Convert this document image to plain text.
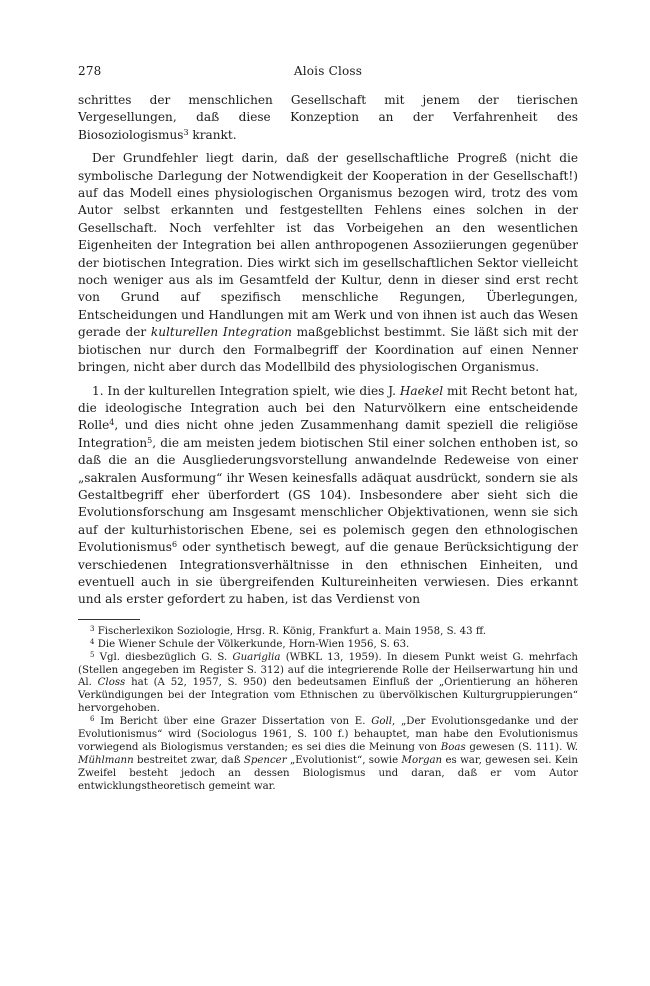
278	Alois Closs

schrittes der menschlichen Gesellschaft mit jenem der tierischen Vergesellungen, daß diese Konzeption an der Verfahrenheit des Biosoziologismus$^3$ krankt.

Der Grundfehler liegt darin, daß der gesellschaftliche Progreß (nicht die symbolische Darlegung der Notwendigkeit der Kooperation in der Gesellschaft!) auf das Modell eines physiologischen Organismus bezogen wird, trotz des vom Autor selbst erkannten und festgestellten Fehlens eines solchen in der Gesellschaft. Noch verfehlter ist das Vorbeigehen an den wesentlichen Eigenheiten der Integration bei allen anthropogenen Assoziierungen gegenüber der biotischen Integration. Dies wirkt sich im gesellschaftlichen Sektor vielleicht noch weniger aus als im Gesamtfeld der Kultur, denn in dieser sind erst recht von Grund auf spezifisch menschliche Regungen, Überlegungen, Entscheidungen und Handlungen mit am Werk und von ihnen ist auch das Wesen gerade der kulturellen Integration maßgeblichst bestimmt. Sie läßt sich mit der biotischen nur durch den Formalbegriff der Koordination auf einen Nenner bringen, nicht aber durch das Modellbild des physiologischen Organismus.

1. In der kulturellen Integration spielt, wie dies J. Haekel mit Recht betont hat, die ideologische Integration auch bei den Naturvölkern eine entscheidende Rolle$^4$, und dies nicht ohne jeden Zusammenhang damit speziell die religiöse Integration$^5$, die am meisten jedem biotischen Stil einer solchen enthoben ist, so daß die an die Ausgliederungsvorstellung anwandelnde Redeweise von einer „sakralen Ausformung“ ihr Wesen keinesfalls adäquat ausdrückt, sondern sie als Gestaltbegriff eher überfordert (GS 104). Insbesondere aber sieht sich die Evolutionsforschung am Insgesamt menschlicher Objektivationen, wenn sie sich auf der kulturhistorischen Ebene, sei es polemisch gegen den ethnologischen Evolutionismus$^6$ oder synthetisch bewegt, auf die genaue Berücksichtigung der verschiedenen Integrationsverhältnisse in den ethnischen Einheiten, und eventuell auch in sie übergreifenden Kultureinheiten verwiesen. Dies erkannt und als erster gefordert zu haben, ist das Verdienst von

$^3$ Fischerlexikon Soziologie, Hrsg. R. König, Frankfurt a. Main 1958, S. 43 ff.

$^4$ Die Wiener Schule der Völkerkunde, Horn-Wien 1956, S. 63.

$^5$ Vgl. diesbezüglich G. S. Guariglia (WBKL 13, 1959). In diesem Punkt weist G. mehrfach (Stellen angegeben im Register S. 312) auf die integrierende Rolle der Heilserwartung hin und Al. Closs hat (A 52, 1957, S. 950) den bedeutsamen Einfluß der „Orientierung an höheren Verkündigungen bei der Integration vom Ethnischen zu übervölkischen Kulturgruppierungen“ hervorgehoben.

$^6$ Im Bericht über eine Grazer Dissertation von E. Goll, „Der Evolutionsgedanke und der Evolutionismus“ wird (Sociologus 1961, S. 100 f.) behauptet, man habe den Evolutionismus vorwiegend als Biologismus verstanden; es sei dies die Meinung von Boas gewesen (S. 111). W. Mühlmann bestreitet zwar, daß Spencer „Evolutionist“, sowie Morgan es war, gewesen sei. Kein Zweifel besteht jedoch an dessen Biologismus und daran, daß er vom Autor entwicklungstheoretisch gemeint war.
